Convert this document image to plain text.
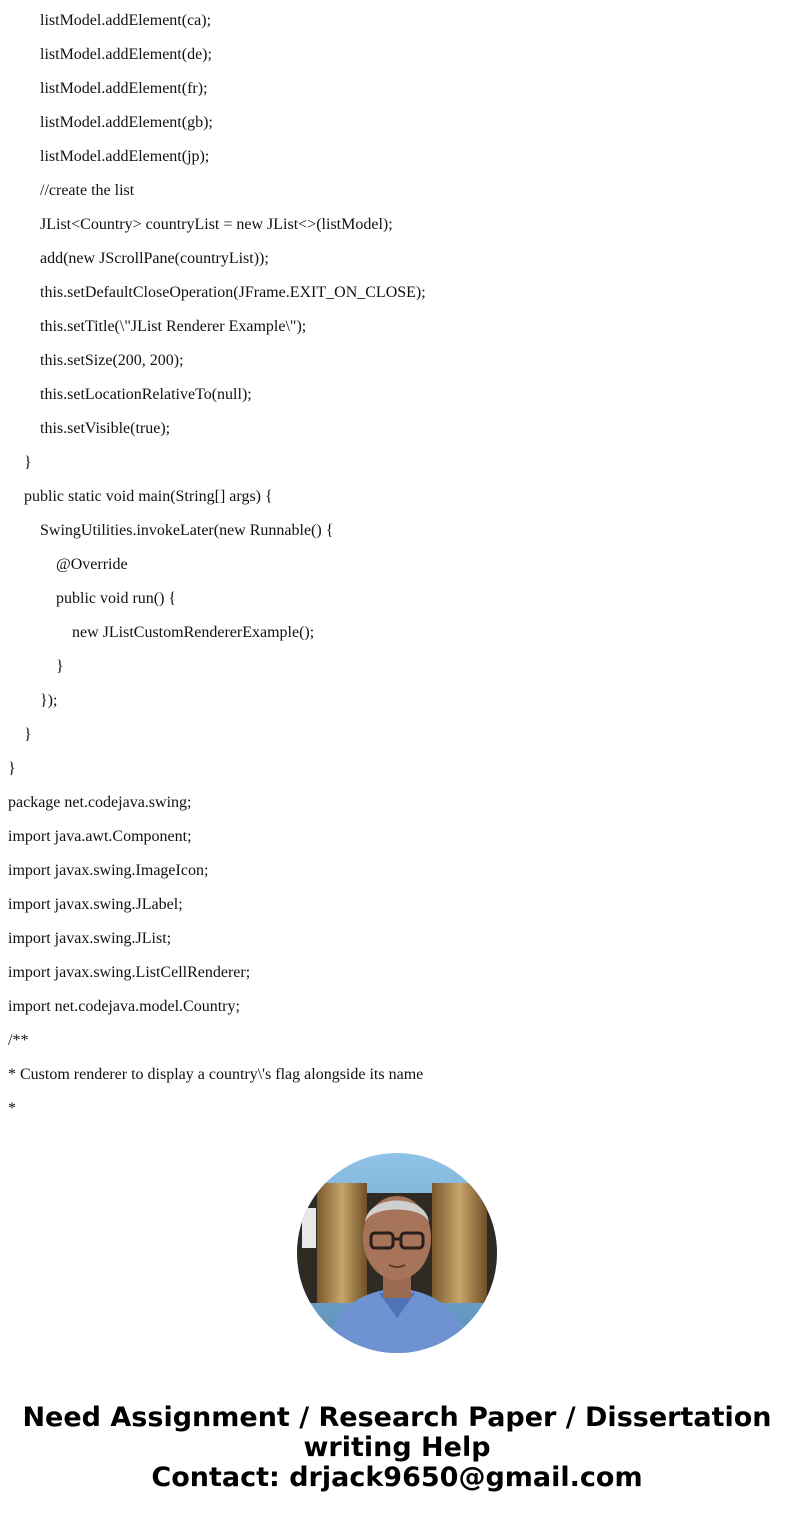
listModel.addElement(ca);
listModel.addElement(de);
listModel.addElement(fr);
listModel.addElement(gb);
listModel.addElement(jp);
//create the list
JList<Country> countryList = new JList<>(listModel);
add(new JScrollPane(countryList));
this.setDefaultCloseOperation(JFrame.EXIT_ON_CLOSE);
this.setTitle(\"JList Renderer Example\");
this.setSize(200, 200);
this.setLocationRelativeTo(null);
this.setVisible(true);
}
public static void main(String[] args) {
SwingUtilities.invokeLater(new Runnable() {
@Override
public void run() {
new JListCustomRendererExample();
}
});
}
}
package net.codejava.swing;
import java.awt.Component;
import javax.swing.ImageIcon;
import javax.swing.JLabel;
import javax.swing.JList;
import javax.swing.ListCellRenderer;
import net.codejava.model.Country;
/**
* Custom renderer to display a country\'s flag alongside its name
*
Need Assignment / Research Paper / Dissertation
writing Help
Contact: drjack9650@gmail.com
